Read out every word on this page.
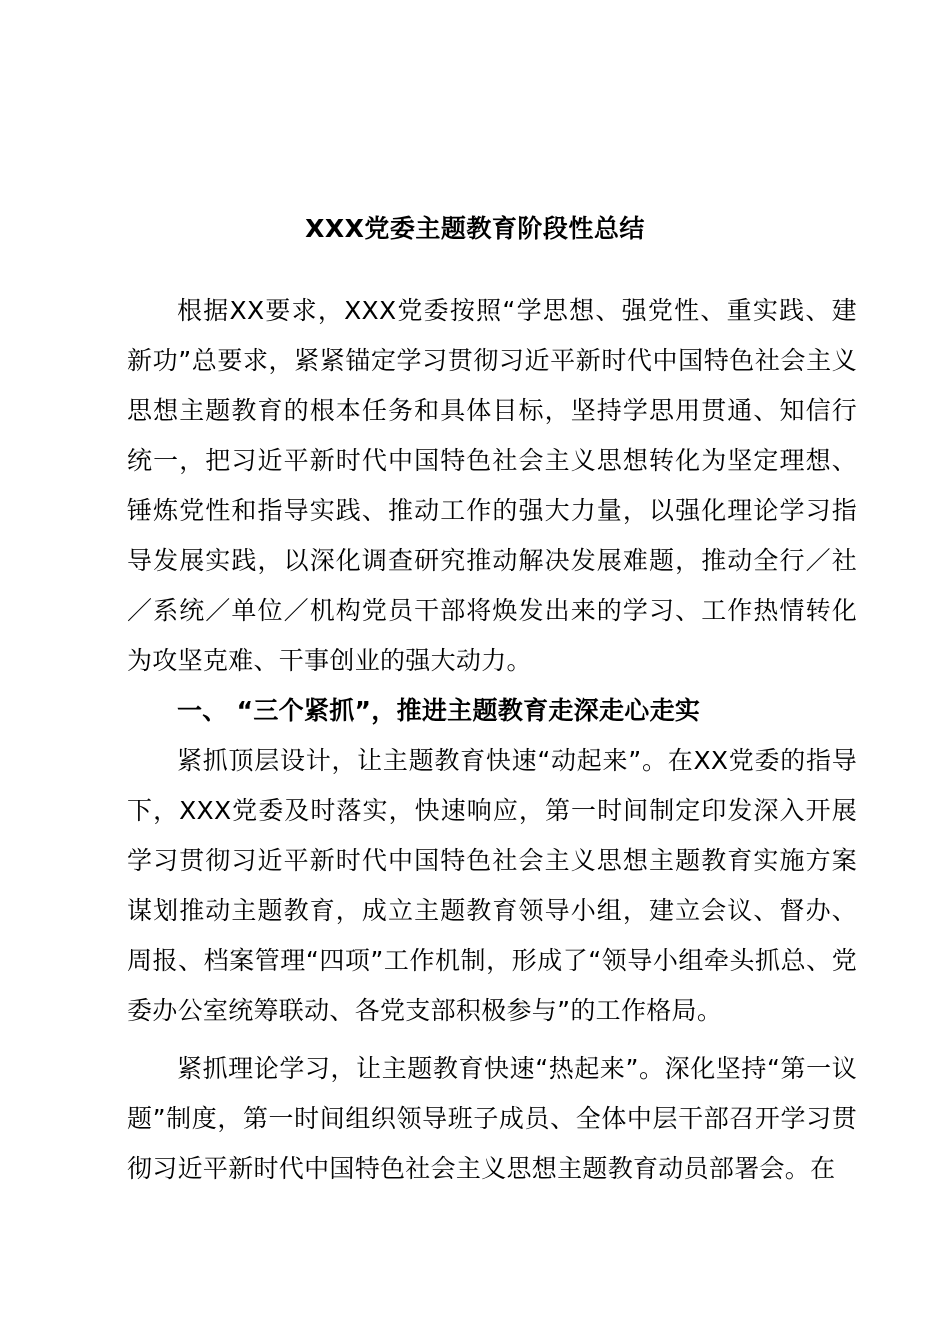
XXX党委主题教育阶段性总结

根据XX要求，XXX党委按照“学思想、强党性、重实践、建新功”总要求，紧紧锚定学习贯彻习近平新时代中国特色社会主义思想主题教育的根本任务和具体目标，坚持学思用贯通、知信行统一，把习近平新时代中国特色社会主义思想转化为坚定理想、锤炼党性和指导实践、推动工作的强大力量，以强化理论学习指导发展实践，以深化调查研究推动解决发展难题，推动全行／社／系统／单位／机构党员干部将焕发出来的学习、工作热情转化为攻坚克难、干事创业的强大动力。

一、 “三个紧抓”，推进主题教育走深走心走实

紧抓顶层设计，让主题教育快速“动起来”。在XX党委的指导下，XXX党委及时落实，快速响应，第一时间制定印发深入开展学习贯彻习近平新时代中国特色社会主义思想主题教育实施方案谋划推动主题教育，成立主题教育领导小组，建立会议、督办、周报、档案管理“四项”工作机制，形成了“领导小组牵头抓总、党委办公室统筹联动、各党支部积极参与”的工作格局。

紧抓理论学习，让主题教育快速“热起来”。深化坚持“第一议题”制度，第一时间组织领导班子成员、全体中层干部召开学习贯彻习近平新时代中国特色社会主义思想主题教育动员部署会。在
